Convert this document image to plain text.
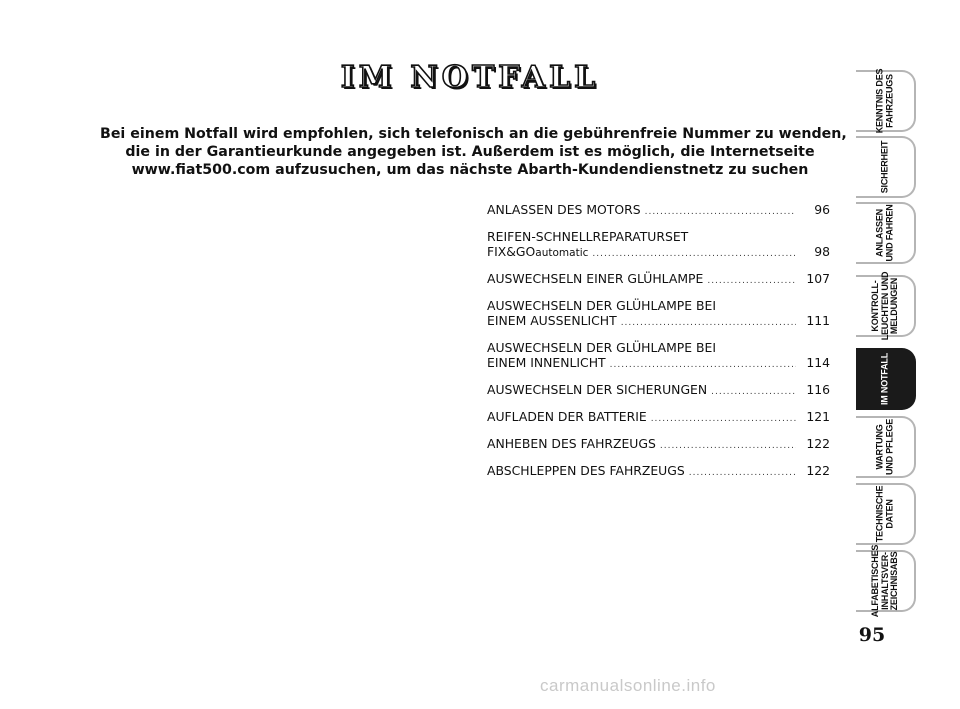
IM NOTFALL
Bei einem Notfall wird empfohlen, sich telefonisch an die gebührenfreie Nummer zu wenden,
die in der Garantieurkunde angegeben ist. Außerdem ist es möglich, die Internetseite
www.fiat500.com aufzusuchen, um das nächste Abarth-Kundendienstnetz zu suchen
ANLASSEN DES MOTORS .....	96
REIFEN-SCHNELLREPARATURSET
FIX&GO automatic .....	98
AUSWECHSELN EINER GLÜHLAMPE .....	107
AUSWECHSELN DER GLÜHLAMPE BEI
EINEM AUSSENLICHT .....	111
AUSWECHSELN DER GLÜHLAMPE BEI
EINEM INNENLICHT .....	114
AUSWECHSELN DER SICHERUNGEN .....	116
AUFLADEN DER BATTERIE .....	121
ANHEBEN DES FAHRZEUGS .....	122
ABSCHLEPPEN DES FAHRZEUGS .....	122
KENNTNIS DES
FAHRZEUGS
SICHERHEIT
ANLASSEN
UND FAHREN
KONTROLL-
LEUCHTEN UND
MELDUNGEN
IM NOTFALL
WARTUNG
UND PFLEGE
TECHNISCHE
DATEN
ALFABETISCHES
INHALTSVER-
ZEICHNISABS
95
carmanualsonline.info
